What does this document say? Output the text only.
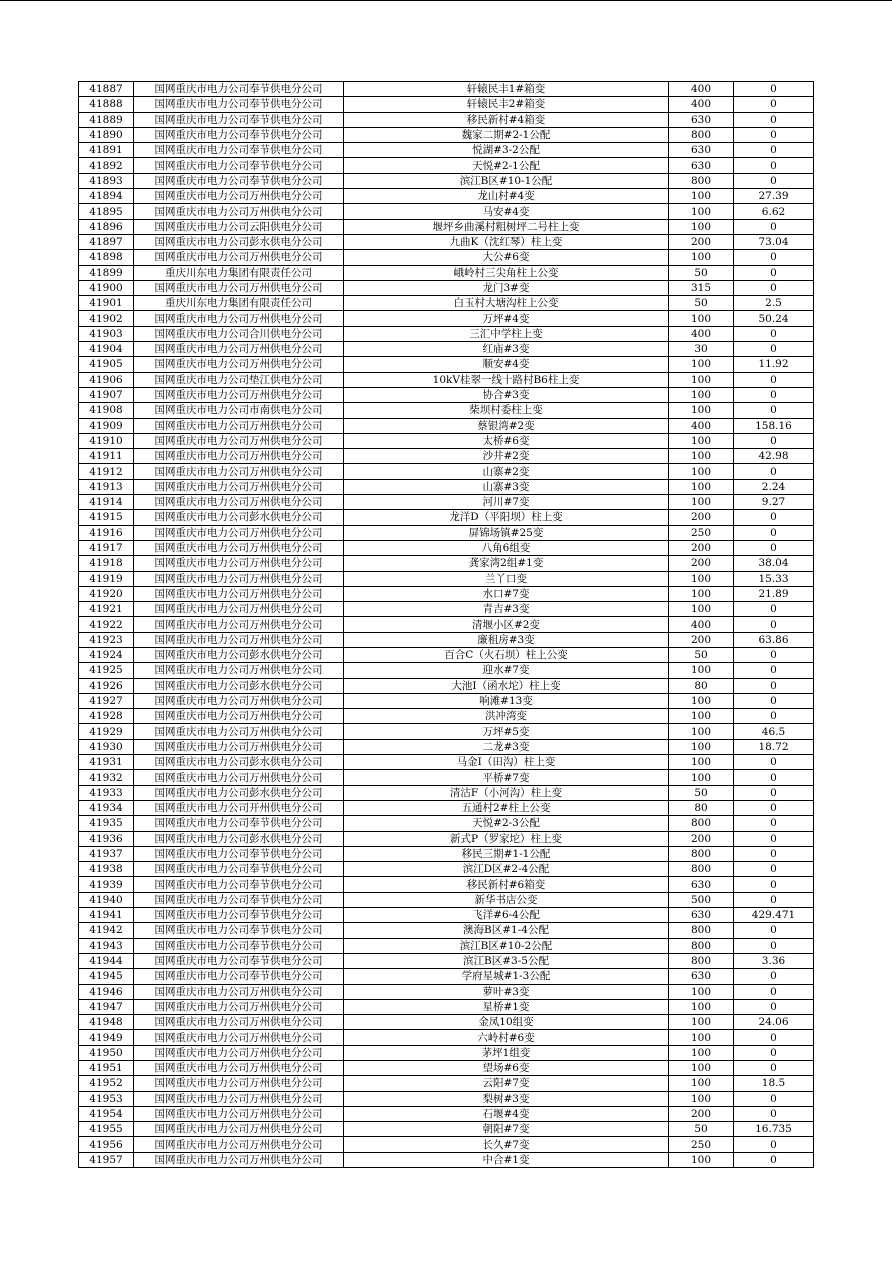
41887	国网重庆市电力公司奉节供电分公司	轩辕民丰1#箱变	400	0
41888	国网重庆市电力公司奉节供电分公司	轩辕民丰2#箱变	400	0
41889	国网重庆市电力公司奉节供电分公司	移民新村#4箱变	630	0
41890	国网重庆市电力公司奉节供电分公司	魏家二期#2-1公配	800	0
41891	国网重庆市电力公司奉节供电分公司	悦湖#3-2公配	630	0
41892	国网重庆市电力公司奉节供电分公司	天悦#2-1公配	630	0
41893	国网重庆市电力公司奉节供电分公司	滨江B区#10-1公配	800	0
41894	国网重庆市电力公司万州供电分公司	龙山村#4变	100	27.39
41895	国网重庆市电力公司万州供电分公司	马安#4变	100	6.62
41896	国网重庆市电力公司云阳供电分公司	堰坪乡曲溪村粗树坪二号柱上变	100	0
41897	国网重庆市电力公司彭水供电分公司	九曲K（沈红琴）柱上变	200	73.04
41898	国网重庆市电力公司万州供电分公司	大公#6变	100	0
41899	重庆川东电力集团有限责任公司	峨岭村三尖角柱上公变	50	0
41900	国网重庆市电力公司万州供电分公司	龙门3#变	315	0
41901	重庆川东电力集团有限责任公司	白玉村大塘沟柱上公变	50	2.5
41902	国网重庆市电力公司万州供电分公司	万坪#4变	100	50.24
41903	国网重庆市电力公司合川供电分公司	三汇中学柱上变	400	0
41904	国网重庆市电力公司万州供电分公司	红庙#3变	30	0
41905	国网重庆市电力公司万州供电分公司	顺安#4变	100	11.92
41906	国网重庆市电力公司垫江供电分公司	10kV桂翠一线十路村B6柱上变	100	0
41907	国网重庆市电力公司万州供电分公司	协合#3变	100	0
41908	国网重庆市电力公司市南供电分公司	柴坝村委柱上变	100	0
41909	国网重庆市电力公司万州供电分公司	蔡银湾#2变	400	158.16
41910	国网重庆市电力公司万州供电分公司	太桥#6变	100	0
41911	国网重庆市电力公司万州供电分公司	沙井#2变	100	42.98
41912	国网重庆市电力公司万州供电分公司	山寨#2变	100	0
41913	国网重庆市电力公司万州供电分公司	山寨#3变	100	2.24
41914	国网重庆市电力公司万州供电分公司	河川#7变	100	9.27
41915	国网重庆市电力公司彭水供电分公司	龙洋D（平阳坝）柱上变	200	0
41916	国网重庆市电力公司万州供电分公司	屏锦场镇#25变	250	0
41917	国网重庆市电力公司万州供电分公司	八角6组变	200	0
41918	国网重庆市电力公司万州供电分公司	龚家湾2组#1变	200	38.04
41919	国网重庆市电力公司万州供电分公司	兰丫口变	100	15.33
41920	国网重庆市电力公司万州供电分公司	水口#7变	100	21.89
41921	国网重庆市电力公司万州供电分公司	青吉#3变	100	0
41922	国网重庆市电力公司万州供电分公司	清堰小区#2变	400	0
41923	国网重庆市电力公司万州供电分公司	廉租房#3变	200	63.86
41924	国网重庆市电力公司彭水供电分公司	百合C（火石坝）柱上公变	50	0
41925	国网重庆市电力公司万州供电分公司	迎水#7变	100	0
41926	国网重庆市电力公司彭水供电分公司	大池I（函水坨）柱上变	80	0
41927	国网重庆市电力公司万州供电分公司	响滩#13变	100	0
41928	国网重庆市电力公司万州供电分公司	洪冲湾变	100	0
41929	国网重庆市电力公司万州供电分公司	万坪#5变	100	46.5
41930	国网重庆市电力公司万州供电分公司	二龙#3变	100	18.72
41931	国网重庆市电力公司彭水供电分公司	马金I（田沟）柱上变	100	0
41932	国网重庆市电力公司万州供电分公司	平桥#7变	100	0
41933	国网重庆市电力公司彭水供电分公司	清沽F（小河沟）柱上变	50	0
41934	国网重庆市电力公司开州供电分公司	五通村2#柱上公变	80	0
41935	国网重庆市电力公司奉节供电分公司	天悦#2-3公配	800	0
41936	国网重庆市电力公司彭水供电分公司	新式P（罗家坨）柱上变	200	0
41937	国网重庆市电力公司奉节供电分公司	移民三期#1-1公配	800	0
41938	国网重庆市电力公司奉节供电分公司	滨江D区#2-4公配	800	0
41939	国网重庆市电力公司奉节供电分公司	移民新村#6箱变	630	0
41940	国网重庆市电力公司奉节供电分公司	新华书店公变	500	0
41941	国网重庆市电力公司奉节供电分公司	飞洋#6-4公配	630	429.471
41942	国网重庆市电力公司奉节供电分公司	澳海B区#1-4公配	800	0
41943	国网重庆市电力公司奉节供电分公司	滨江B区#10-2公配	800	0
41944	国网重庆市电力公司奉节供电分公司	滨江B区#3-5公配	800	3.36
41945	国网重庆市电力公司奉节供电分公司	学府星城#1-3公配	630	0
41946	国网重庆市电力公司万州供电分公司	萝叶#3变	100	0
41947	国网重庆市电力公司万州供电分公司	星桥#1变	100	0
41948	国网重庆市电力公司万州供电分公司	金凤10组变	100	24.06
41949	国网重庆市电力公司万州供电分公司	六岭村#6变	100	0
41950	国网重庆市电力公司万州供电分公司	茅坪1组变	100	0
41951	国网重庆市电力公司万州供电分公司	望场#6变	100	0
41952	国网重庆市电力公司万州供电分公司	云阳#7变	100	18.5
41953	国网重庆市电力公司万州供电分公司	梨树#3变	100	0
41954	国网重庆市电力公司万州供电分公司	石堰#4变	200	0
41955	国网重庆市电力公司万州供电分公司	朝阳#7变	50	16.735
41956	国网重庆市电力公司万州供电分公司	长久#7变	250	0
41957	国网重庆市电力公司万州供电分公司	中合#1变	100	0
